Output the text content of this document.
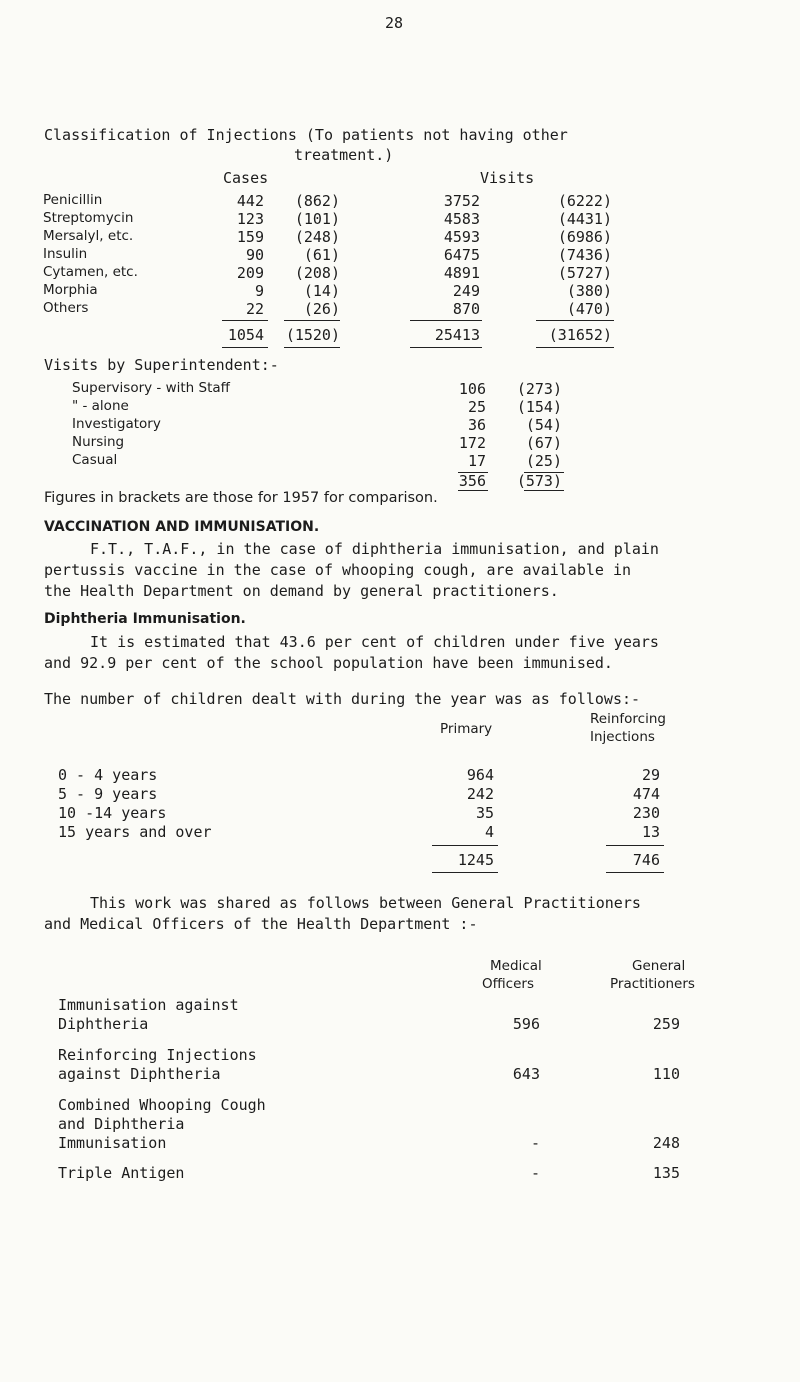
28
Classification of Injections (To patients not having other
treatment.)
Cases	Visits
Penicillin	442	(862)	3752	(6222)
Streptomycin	123	(101)	4583	(4431)
Mersalyl, etc.	159	(248)	4593	(6986)
Insulin	90	(61)	6475	(7436)
Cytamen, etc.	209	(208)	4891	(5727)
Morphia	9	(14)	249	(380)
Others	22	(26)	870	(470)
1054	(1520)	25413	(31652)
Visits by Superintendent:-
Supervisory - with Staff	106	(273)
" - alone	25	(154)
Investigatory	36	(54)
Nursing	172	(67)
Casual	17	(25)
356	(573)
Figures in brackets are those for 1957 for comparison.
VACCINATION AND IMMUNISATION.
F.T., T.A.F., in the case of diphtheria immunisation, and plain
pertussis vaccine in the case of whooping cough, are available in
the Health Department on demand by general practitioners.
Diphtheria Immunisation.
It is estimated that 43.6 per cent of children under five years
and 92.9 per cent of the school population have been immunised.
The number of children dealt with during the year was as follows:-
Primary
Reinforcing
Injections
0 - 4 years	964	29
5 - 9 years	242	474
10 -14 years	35	230
15 years and over	4	13
1245	746
This work was shared as follows between General Practitioners
and Medical Officers of the Health Department :-
Medical
Officers
General
Practitioners
Immunisation against
Diphtheria	596	259
Reinforcing Injections
against Diphtheria	643	110
Combined Whooping Cough
and Diphtheria
Immunisation	-	248
Triple Antigen	-	135
